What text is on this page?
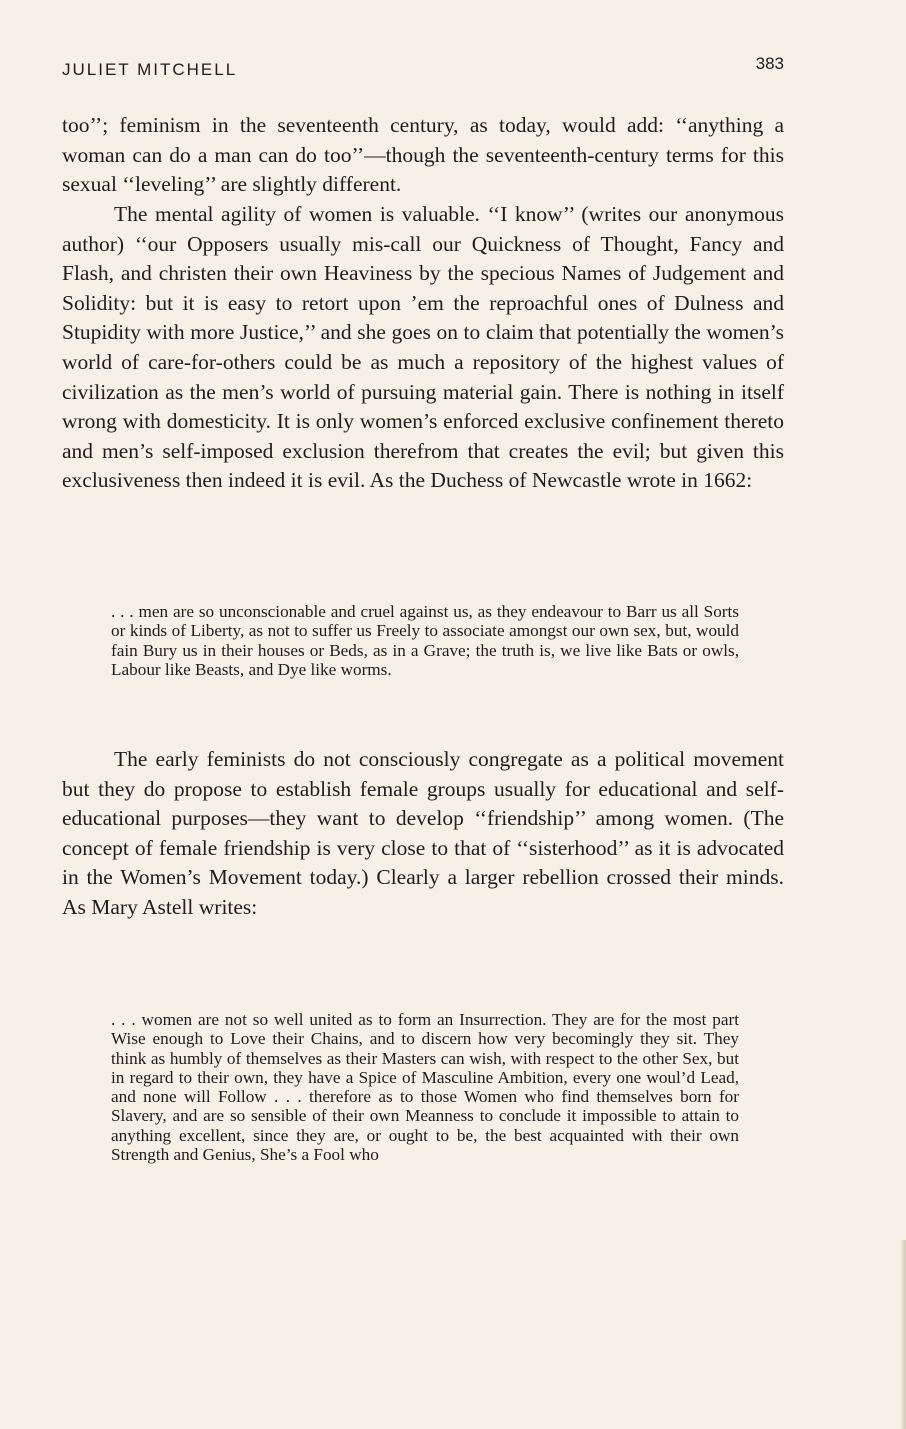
JULIET MITCHELL	383

too’’; feminism in the seventeenth century, as today, would add: ‘‘anything a woman can do a man can do too’’—though the seventeenth-century terms for this sexual ‘‘leveling’’ are slightly different.

The mental agility of women is valuable. ‘‘I know’’ (writes our anonymous author) ‘‘our Opposers usually mis-call our Quickness of Thought, Fancy and Flash, and christen their own Heaviness by the specious Names of Judgement and Solidity: but it is easy to retort upon ’em the reproachful ones of Dulness and Stupidity with more Justice,’’ and she goes on to claim that potentially the women’s world of care-for-others could be as much a repository of the highest values of civilization as the men’s world of pursuing material gain. There is nothing in itself wrong with domesticity. It is only women’s enforced exclusive confinement thereto and men’s self-imposed exclusion therefrom that creates the evil; but given this exclusiveness then indeed it is evil. As the Duchess of Newcastle wrote in 1662:

. . . men are so unconscionable and cruel against us, as they endeavour to Barr us all Sorts or kinds of Liberty, as not to suffer us Freely to associate amongst our own sex, but, would fain Bury us in their houses or Beds, as in a Grave; the truth is, we live like Bats or owls, Labour like Beasts, and Dye like worms.

The early feminists do not consciously congregate as a political movement but they do propose to establish female groups usually for educational and self-educational purposes—they want to develop ‘‘friendship’’ among women. (The concept of female friendship is very close to that of ‘‘sisterhood’’ as it is advocated in the Women’s Movement today.) Clearly a larger rebellion crossed their minds. As Mary Astell writes:

. . . women are not so well united as to form an Insurrection. They are for the most part Wise enough to Love their Chains, and to discern how very becomingly they sit. They think as humbly of themselves as their Masters can wish, with respect to the other Sex, but in regard to their own, they have a Spice of Masculine Ambition, every one woul’d Lead, and none will Follow . . . therefore as to those Women who find themselves born for Slavery, and are so sensible of their own Meanness to conclude it impossible to attain to anything excellent, since they are, or ought to be, the best acquainted with their own Strength and Genius, She’s a Fool who
